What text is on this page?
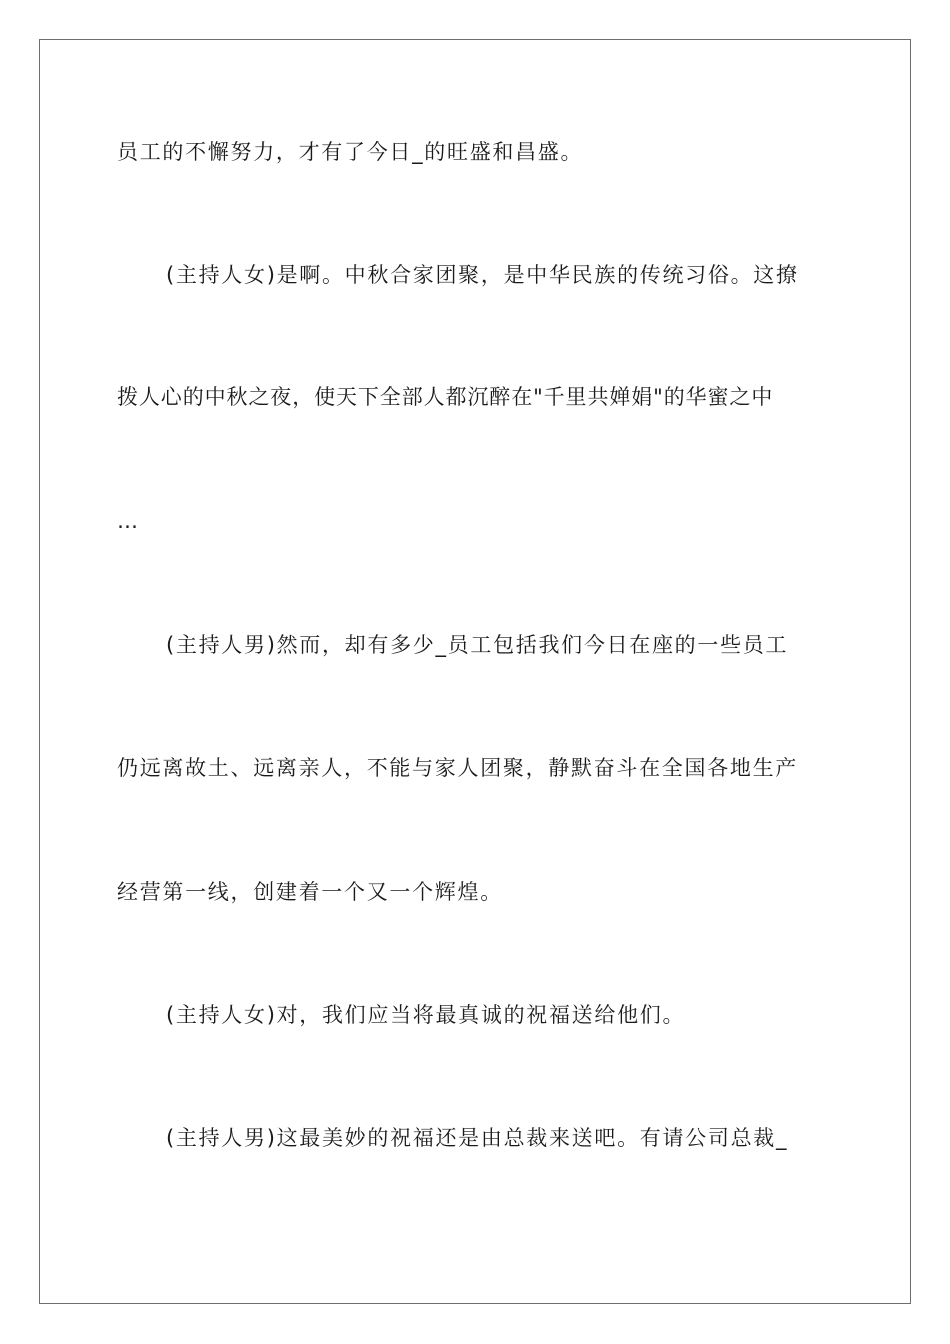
员工的不懈努力，才有了今日_的旺盛和昌盛。
(主持人女)是啊。中秋合家团聚，是中华民族的传统习俗。这撩
拨人心的中秋之夜，使天下全部人都沉醉在"千里共婵娟"的华蜜之中
…
(主持人男)然而，却有多少_员工包括我们今日在座的一些员工
仍远离故土、远离亲人，不能与家人团聚，静默奋斗在全国各地生产
经营第一线，创建着一个又一个辉煌。
(主持人女)对，我们应当将最真诚的祝福送给他们。
(主持人男)这最美妙的祝福还是由总裁来送吧。有请公司总裁_
